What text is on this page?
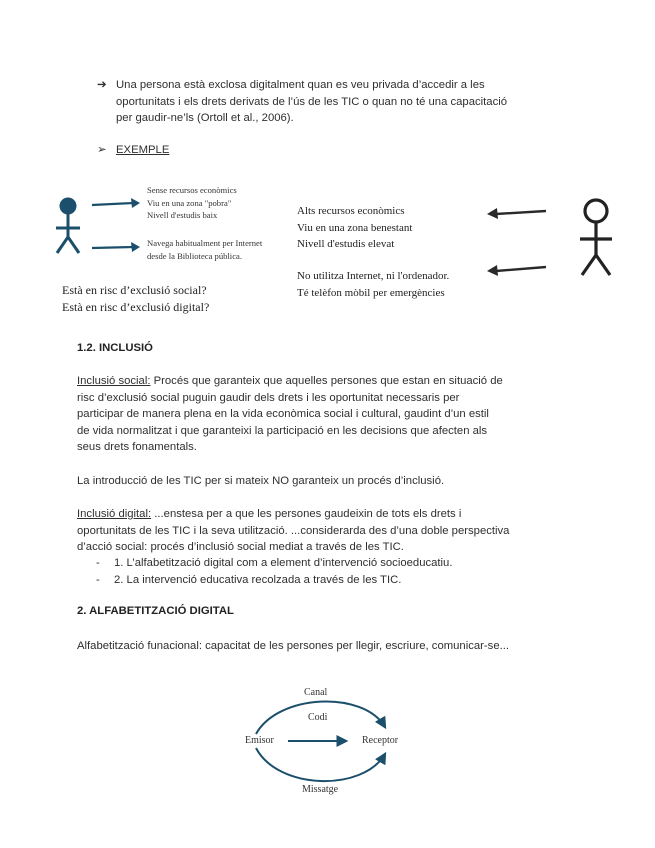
➔ Una persona està exclosa digitalment quan es veu privada d’accedir a les
oportunitats i els drets derivats de l’ús de les TIC o quan no té una capacitació
per gaudir-ne’ls (Ortoll et al., 2006).
➢ EXEMPLE
Sense recursos econòmics
Viu en una zona "pobra"
Nivell d'estudis baix
Navega habitualment per Internet
desde la Biblioteca pública.
Està en risc d’exclusió social?
Està en risc d’exclusió digital?
Alts recursos econòmics
Viu en una zona benestant
Nivell d'estudis elevat
No utilitza Internet, ni l'ordenador.
Té telèfon mòbil per emergències
1.2. INCLUSIÓ
Inclusió social: Procés que garanteix que aquelles persones que estan en situació de
risc d’exclusió social puguin gaudir dels drets i les oportunitat necessaris per
participar de manera plena en la vida econòmica social i cultural, gaudint d’un estil
de vida normalitzat i que garanteixi la participació en les decisions que afecten als
seus drets fonamentals.
La introducció de les TIC per si mateix NO garanteix un procés d’inclusió.
Inclusió digital: ...enstesa per a que les persones gaudeixin de tots els drets i
oportunitats de les TIC i la seva utilització. ...considerarda des d’una doble perspectiva
d’acció social: procés d’inclusió social mediat a través de les TIC.
- 1. L’alfabetització digital com a element d’intervenció socioeducatiu.
- 2. La intervenció educativa recolzada a través de les TIC.
2. ALFABETITZACIÓ DIGITAL
Alfabetització funacional: capacitat de les persones per llegir, escriure, comunicar-se...
Canal
Codi
Emisor	Receptor
Missatge
